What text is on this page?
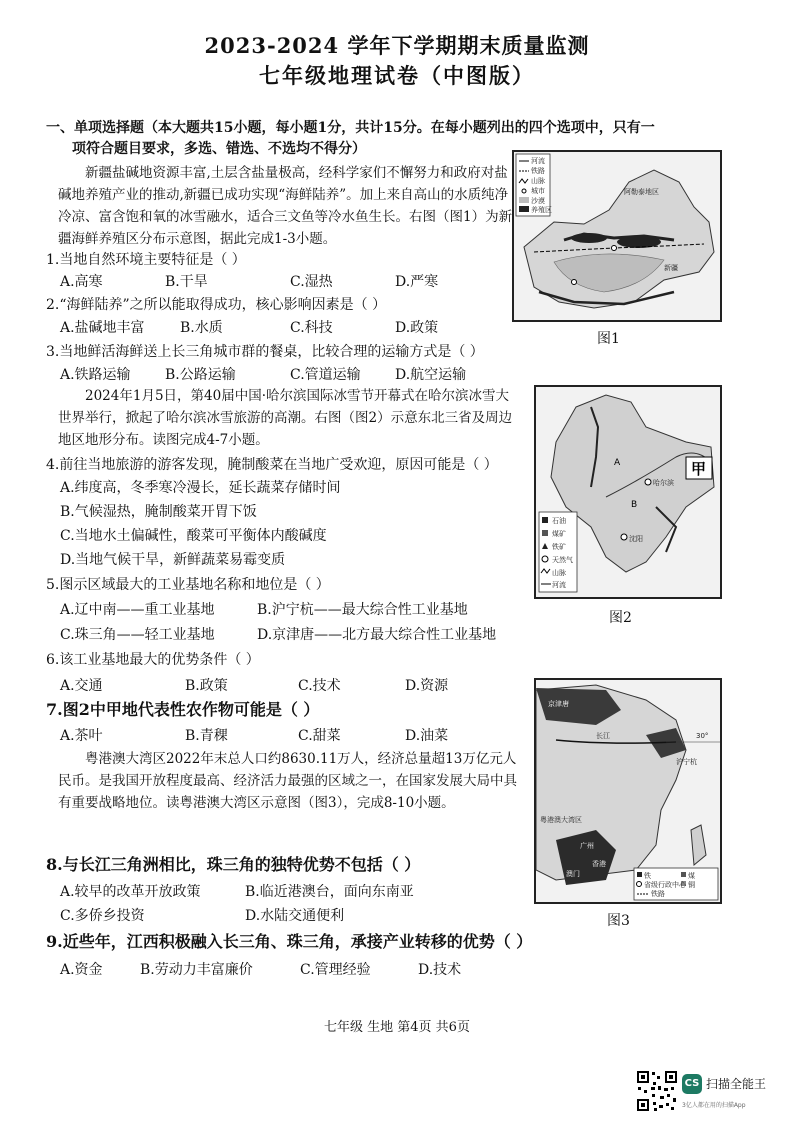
2023-2024 学年下学期期末质量监测
七年级地理试卷（中图版）
一、单项选择题（本大题共15小题，每小题1分，共计15分。在每小题列出的四个选项中，只有一
项符合题目要求，多选、错选、不选均不得分）
新疆盐碱地资源丰富,土层含盐量极高，经科学家们不懈努力和政府对盐碱地养殖产业的推动,新疆已成功实现“海鲜陆养”。加上来自高山的水质纯净冷凉、富含饱和氧的冰雪融水，适合三文鱼等冷水鱼生长。右图（图1）为新疆海鲜养殖区分布示意图，据此完成1-3小题。
1.当地自然环境主要特征是（ ）
A.高寒	B.干旱	C.湿热	D.严寒
2.“海鲜陆养”之所以能取得成功，核心影响因素是（ ）
A.盐碱地丰富	B.水质	C.科技	D.政策
3.当地鲜活海鲜送上长三角城市群的餐桌，比较合理的运输方式是（ ）
A.铁路运输 B.公路运输	C.管道运输 D.航空运输
2024年1月5日，第40届中国·哈尔滨国际冰雪节开幕式在哈尔滨冰雪大世界举行，掀起了哈尔滨冰雪旅游的高潮。右图（图2）示意东北三省及周边地区地形分布。读图完成4-7小题。
4.前往当地旅游的游客发现，腌制酸菜在当地广受欢迎，原因可能是（ ）
A.纬度高，冬季寒冷漫长，延长蔬菜存储时间
B.气候湿热，腌制酸菜开胃下饭
C.当地水土偏碱性，酸菜可平衡体内酸碱度
D.当地气候干旱，新鲜蔬菜易霉变质
5.图示区域最大的工业基地名称和地位是（ ）
A.辽中南——重工业基地	B.沪宁杭——最大综合性工业基地
C.珠三角——轻工业基地	D.京津唐——北方最大综合性工业基地
6.该工业基地最大的优势条件（ ）
A.交通	B.政策	C.技术	D.资源
7.图2中甲地代表性农作物可能是（ ）
A.茶叶	B.青稞	C.甜菜	D.油菜
粤港澳大湾区2022年末总人口约8630.11万人，经济总量超13万亿元人民币。是我国开放程度最高、经济活力最强的区域之一，在国家发展大局中具有重要战略地位。读粤港澳大湾区示意图（图3），完成8-10小题。
8.与长江三角洲相比，珠三角的独特优势不包括（ ）
A.较早的改革开放政策	B.临近港澳台，面向东南亚
C.多侨乡投资	D.水陆交通便利
9.近些年，江西积极融入长三角、珠三角，承接产业转移的优势（ ）
A.资金	B.劳动力丰富廉价	C.管理经验	D.技术
河流
铁路
山脉
城市
沙漠
养殖区
阿勒泰地区
新疆
图1
哈尔滨
沈阳
A
B
甲
石油
煤矿
铁矿
天然气
山脉
河流
图2
京津唐
长江
沪宁杭
30°
粤港澳大湾区
广州
香港
澳门	铁	煤
省级行政中心 铜
铁路
图3
七年级 生地 第4页 共6页
CS 扫描全能王
3亿人都在用的扫描App
